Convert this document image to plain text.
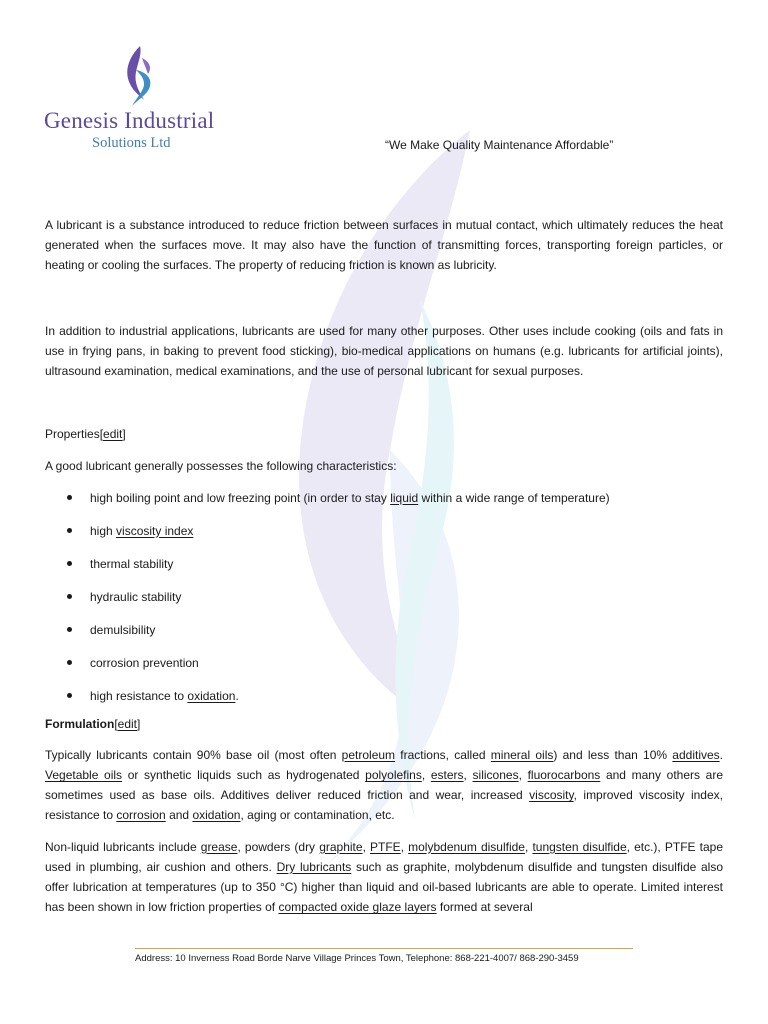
Genesis Industrial
Solutions Ltd	“We Make Quality Maintenance Affordable”

A lubricant is a substance introduced to reduce friction between surfaces in mutual contact, which ultimately reduces the heat generated when the surfaces move. It may also have the function of transmitting forces, transporting foreign particles, or heating or cooling the surfaces. The property of reducing friction is known as lubricity.

In addition to industrial applications, lubricants are used for many other purposes. Other uses include cooking (oils and fats in use in frying pans, in baking to prevent food sticking), bio-medical applications on humans (e.g. lubricants for artificial joints), ultrasound examination, medical examinations, and the use of personal lubricant for sexual purposes.

Properties[edit]

A good lubricant generally possesses the following characteristics:

high boiling point and low freezing point (in order to stay liquid within a wide range of temperature)
high viscosity index
thermal stability
hydraulic stability
demulsibility
corrosion prevention
high resistance to oxidation.

Formulation[edit]

Typically lubricants contain 90% base oil (most often petroleum fractions, called mineral oils) and less than 10% additives. Vegetable oils or synthetic liquids such as hydrogenated polyolefins, esters, silicones, fluorocarbons and many others are sometimes used as base oils. Additives deliver reduced friction and wear, increased viscosity, improved viscosity index, resistance to corrosion and oxidation, aging or contamination, etc.

Non-liquid lubricants include grease, powders (dry graphite, PTFE, molybdenum disulfide, tungsten disulfide, etc.), PTFE tape used in plumbing, air cushion and others. Dry lubricants such as graphite, molybdenum disulfide and tungsten disulfide also offer lubrication at temperatures (up to 350 °C) higher than liquid and oil-based lubricants are able to operate. Limited interest has been shown in low friction properties of compacted oxide glaze layers formed at several

Address: 10 Inverness Road Borde Narve Village Princes Town, Telephone: 868-221-4007/ 868-290-3459
